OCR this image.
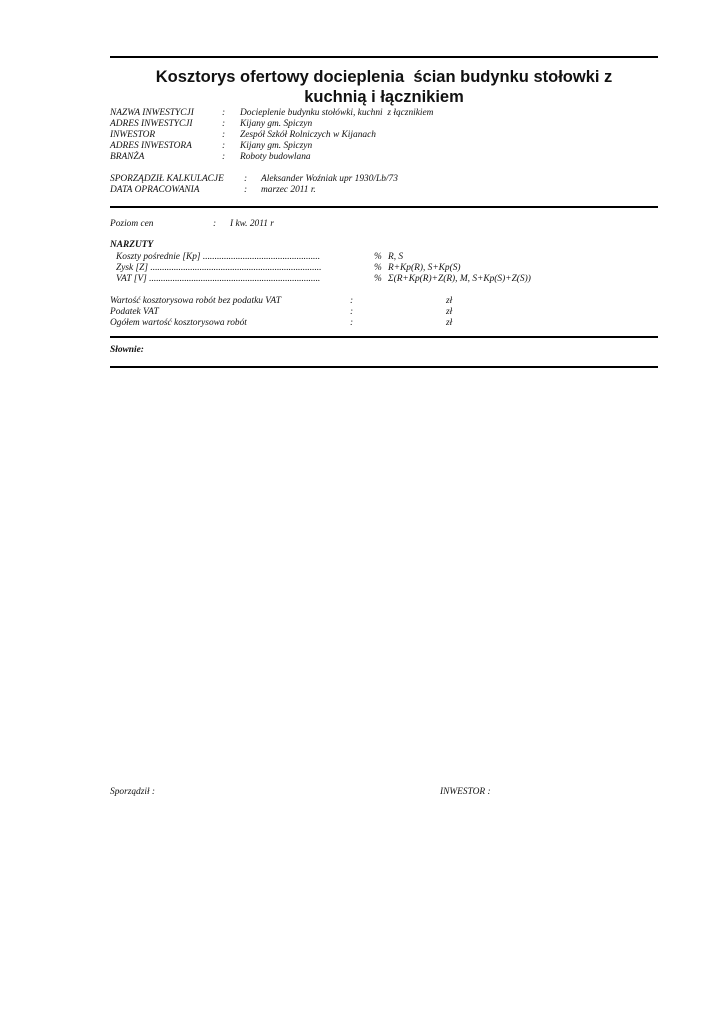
Kosztorys ofertowy docieplenia  ścian budynku stołowki z
kuchnią i łącznikiem
NAZWA INWESTYCJI	: Docieplenie budynku stołówki, kuchni  z łącznikiem
ADRES INWESTYCJI	: Kijany gm. Spiczyn
INWESTOR	: Zespół Szkół Rolniczych w Kijanach
ADRES INWESTORA	: Kijany gm. Spiczyn
BRANŻA	: Roboty budowlana
SPORZĄDZIŁ KALKULACJE : Aleksander Woźniak upr 1930/Lb/73
DATA OPRACOWANIA	: marzec 2011 r.
Poziom cen	: I kw. 2011 r
NARZUTY
Koszty pośrednie [Kp] ..................................................	% R, S
Zysk [Z] .........................................................................	% R+Kp(R), S+Kp(S)
VAT [V] .........................................................................	% Σ(R+Kp(R)+Z(R), M, S+Kp(S)+Z(S))
Wartość kosztorysowa robót bez podatku VAT	:	zł
Podatek VAT	:	zł
Ogółem wartość kosztorysowa robót	:	zł
Słownie:
Sporządził :	INWESTOR :
